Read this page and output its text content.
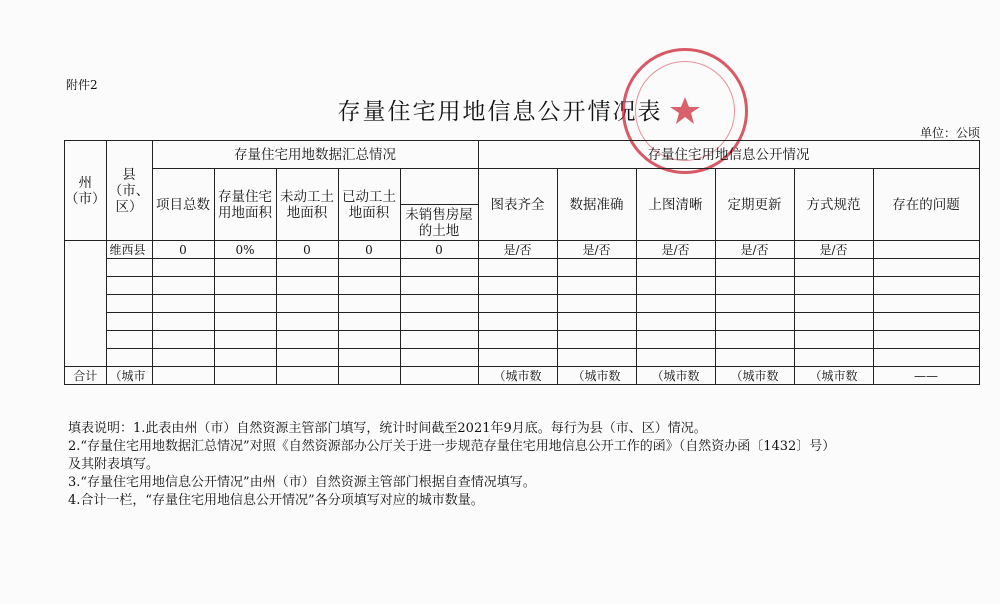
附件2
存量住宅用地信息公开情况表
单位：公顷
州（市）	县（市、区）	存量住宅用地数据汇总情况					存量住宅用地信息公开情况					
		项目总数	存量住宅用地面积	未动工土地面积	已动工土地面积		图表齐全	数据准确	上图清晰	定期更新	方式规范	存在的问题
						未销售房屋的土地						
	维西县	0	0%	0	0	0	是/否	是/否	是/否	是/否	是/否	

合计	（城市						（城市数	（城市数	（城市数	（城市数	（城市数	——
填表说明：1.此表由州（市）自然资源主管部门填写，统计时间截至2021年9月底。每行为县（市、区）情况。
2.“存量住宅用地数据汇总情况”对照《自然资源部办公厅关于进一步规范存量住宅用地信息公开工作的函》（自然资办函〔1432〕号）
及其附表填写。
3.“存量住宅用地信息公开情况”由州（市）自然资源主管部门根据自查情况填写。
4.合计一栏，“存量住宅用地信息公开情况”各分项填写对应的城市数量。
